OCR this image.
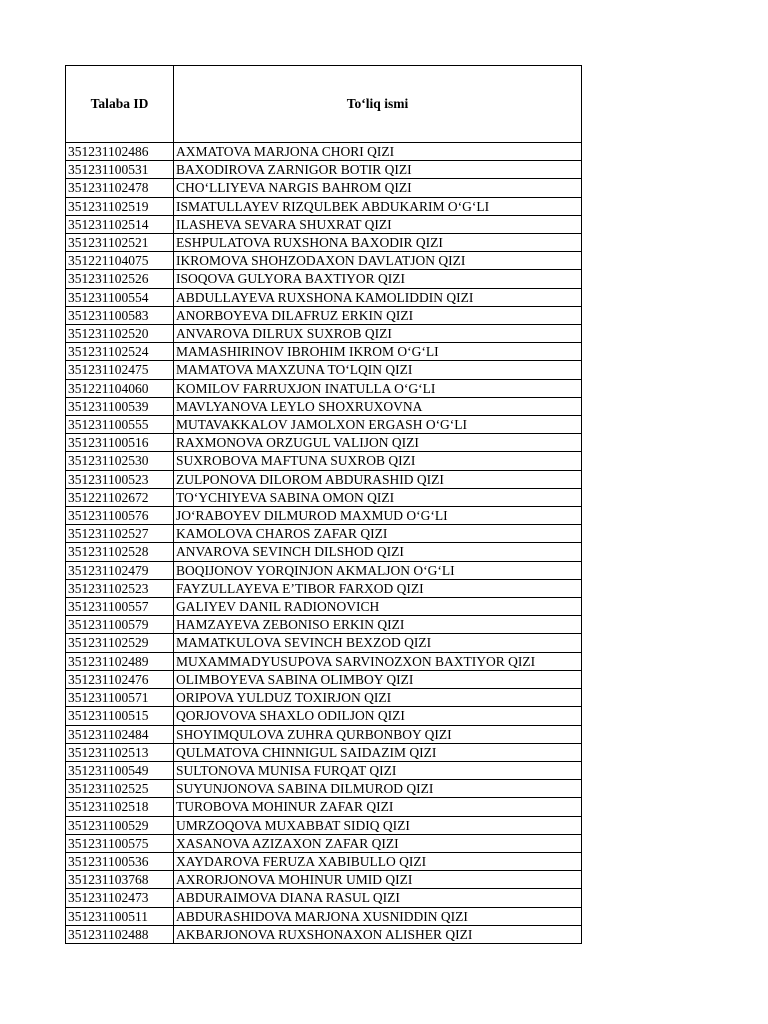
Talaba ID	To‘liq ismi
351231102486	AXMATOVA MARJONA CHORI QIZI
351231100531	BAXODIROVA ZARNIGOR BOTIR QIZI
351231102478	CHO‘LLIYEVA NARGIS BAHROM QIZI
351231102519	ISMATULLAYEV RIZQULBEK ABDUKARIM O‘G‘LI
351231102514	ILASHEVA SEVARA SHUXRAT QIZI
351231102521	ESHPULATOVA RUXSHONA BAXODIR QIZI
351221104075	IKROMOVA SHOHZODAXON DAVLATJON QIZI
351231102526	ISOQOVA GULYORA BAXTIYOR QIZI
351231100554	ABDULLAYEVA RUXSHONA KAMOLIDDIN QIZI
351231100583	ANORBOYEVA DILAFRUZ ERKIN QIZI
351231102520	ANVAROVA DILRUX SUXROB QIZI
351231102524	MAMASHIRINOV IBROHIM IKROM O‘G‘LI
351231102475	MAMATOVA MAXZUNA TO‘LQIN QIZI
351221104060	KOMILOV FARRUXJON INATULLA O‘G‘LI
351231100539	MAVLYANOVA LEYLO SHOXRUXOVNA
351231100555	MUTAVAKKALOV JAMOLXON ERGASH O‘G‘LI
351231100516	RAXMONOVA ORZUGUL VALIJON QIZI
351231102530	SUXROBOVA MAFTUNA SUXROB QIZI
351231100523	ZULPONOVA DILOROM ABDURASHID QIZI
351221102672	TO‘YCHIYEVA SABINA OMON QIZI
351231100576	JO‘RABOYEV DILMUROD MAXMUD O‘G‘LI
351231102527	KAMOLOVA CHAROS ZAFAR QIZI
351231102528	ANVAROVA SEVINCH DILSHOD QIZI
351231102479	BOQIJONOV YORQINJON AKMALJON O‘G‘LI
351231102523	FAYZULLAYEVA E’TIBOR FARXOD QIZI
351231100557	GALIYEV DANIL RADIONOVICH
351231100579	HAMZAYEVA ZEBONISO ERKIN QIZI
351231102529	MAMATKULOVA SEVINCH BEXZOD QIZI
351231102489	MUXAMMADYUSUPOVA SARVINOZXON BAXTIYOR QIZI
351231102476	OLIMBOYEVA SABINA OLIMBOY QIZI
351231100571	ORIPOVA YULDUZ TOXIRJON QIZI
351231100515	QORJOVOVA SHAXLO ODILJON QIZI
351231102484	SHOYIMQULOVA ZUHRA QURBONBOY QIZI
351231102513	QULMATOVA CHINNIGUL SAIDAZIM QIZI
351231100549	SULTONOVA MUNISA FURQAT QIZI
351231102525	SUYUNJONOVA SABINA DILMUROD QIZI
351231102518	TUROBOVA MOHINUR ZAFAR QIZI
351231100529	UMRZOQOVA MUXABBAT SIDIQ QIZI
351231100575	XASANOVA AZIZAXON ZAFAR QIZI
351231100536	XAYDAROVA FERUZA XABIBULLO QIZI
351231103768	AXRORJONOVA MOHINUR UMID QIZI
351231102473	ABDURAIMOVA DIANA RASUL QIZI
351231100511	ABDURASHIDOVA MARJONA XUSNIDDIN QIZI
351231102488	AKBARJONOVA RUXSHONAXON ALISHER QIZI
